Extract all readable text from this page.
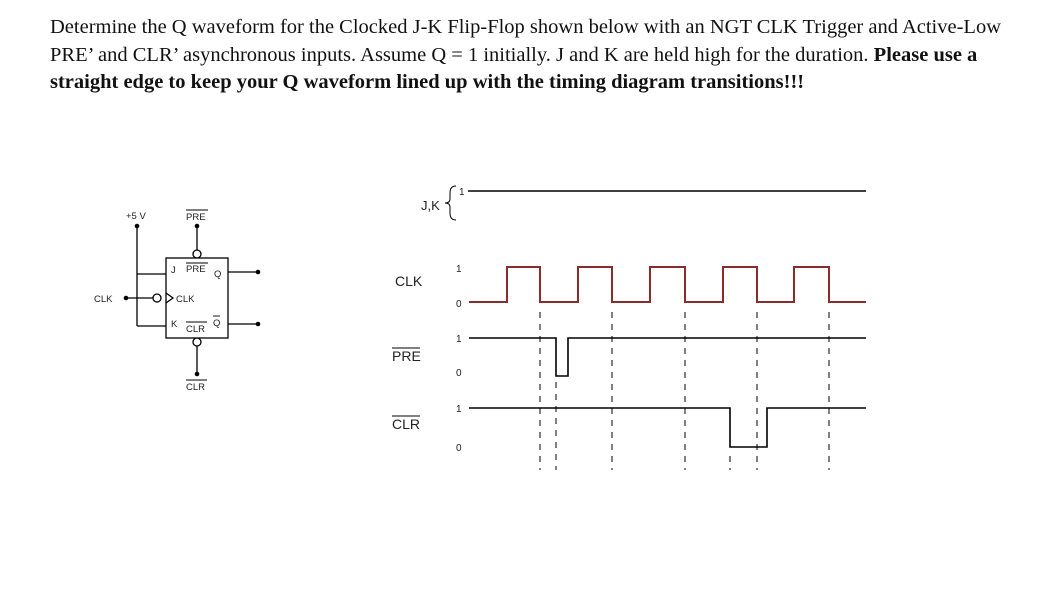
Determine the Q waveform for the Clocked J-K Flip-Flop shown below with an NGT CLK Trigger and Active-Low PRE’ and CLR’ asynchronous inputs. Assume Q = 1 initially. J and K are held high for the duration. Please use a straight edge to keep your Q waveform lined up with the timing diagram transitions!!!
+5 V	PRE
CLK
CLR
J PRE Q
CLK
K CLR
Q
J,K
1
CLK
1
0
PRE
1
0
CLR
1
0
